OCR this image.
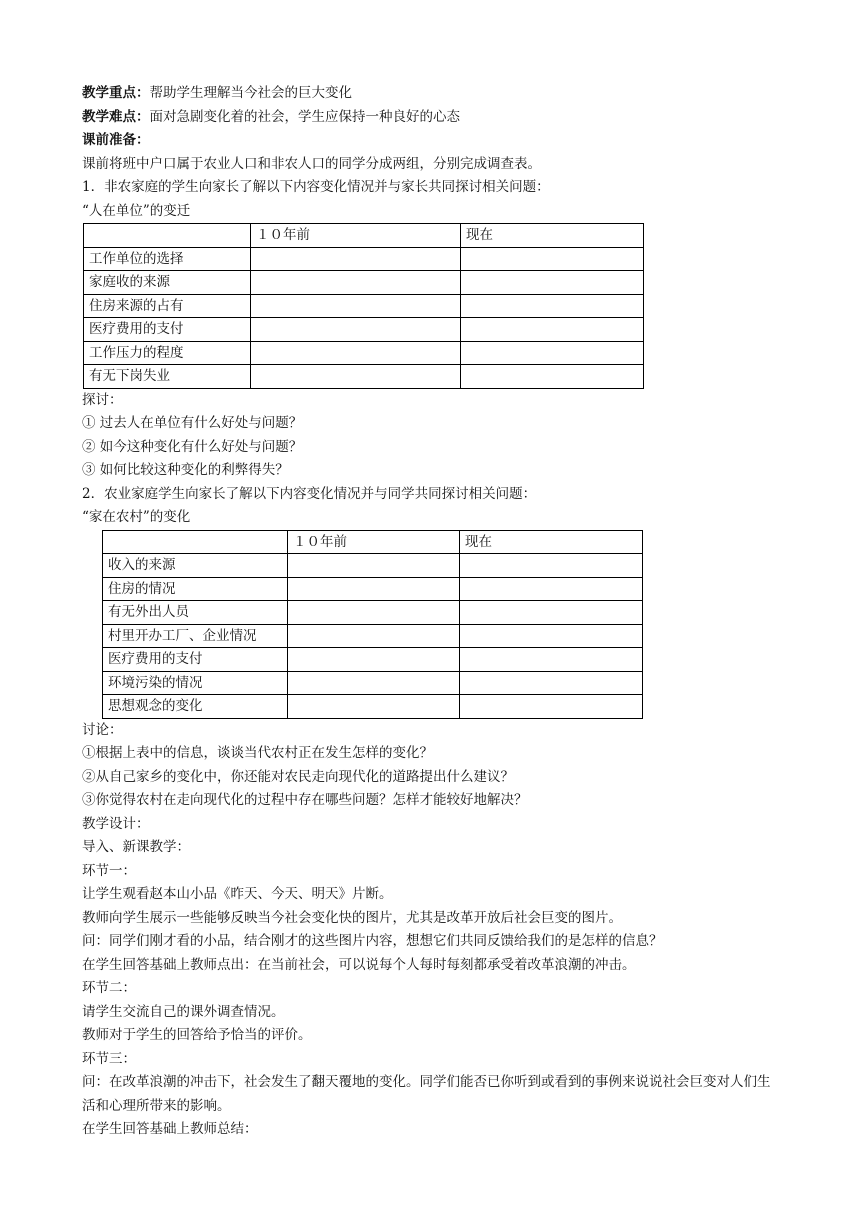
教学重点：帮助学生理解当今社会的巨大变化
教学难点：面对急剧变化着的社会，学生应保持一种良好的心态
课前准备：
课前将班中户口属于农业人口和非农人口的同学分成两组，分别完成调查表。
1．非农家庭的学生向家长了解以下内容变化情况并与家长共同探讨相关问题：
“人在单位”的变迁
	１０年前	现在
工作单位的选择		
家庭收的来源		
住房来源的占有		
医疗费用的支付		
工作压力的程度		
有无下岗失业		
探讨：
① 过去人在单位有什么好处与问题？
② 如今这种变化有什么好处与问题？
③ 如何比较这种变化的利弊得失？
2．农业家庭学生向家长了解以下内容变化情况并与同学共同探讨相关问题：
“家在农村”的变化
	１０年前	现在
收入的来源		
住房的情况		
有无外出人员		
村里开办工厂、企业情况		
医疗费用的支付		
环境污染的情况		
思想观念的变化		
讨论：
①根据上表中的信息，谈谈当代农村正在发生怎样的变化？
②从自己家乡的变化中，你还能对农民走向现代化的道路提出什么建议？
③你觉得农村在走向现代化的过程中存在哪些问题？怎样才能较好地解决？
教学设计：
导入、新课教学：
环节一：
让学生观看赵本山小品《昨天、今天、明天》片断。
教师向学生展示一些能够反映当今社会变化快的图片，尤其是改革开放后社会巨变的图片。
问：同学们刚才看的小品，结合刚才的这些图片内容，想想它们共同反馈给我们的是怎样的信息？
在学生回答基础上教师点出：在当前社会，可以说每个人每时每刻都承受着改革浪潮的冲击。
环节二：
请学生交流自己的课外调查情况。
教师对于学生的回答给予恰当的评价。
环节三：
问：在改革浪潮的冲击下，社会发生了翻天覆地的变化。同学们能否已你听到或看到的事例来说说社会巨变对人们生活和心理所带来的影响。
在学生回答基础上教师总结：
